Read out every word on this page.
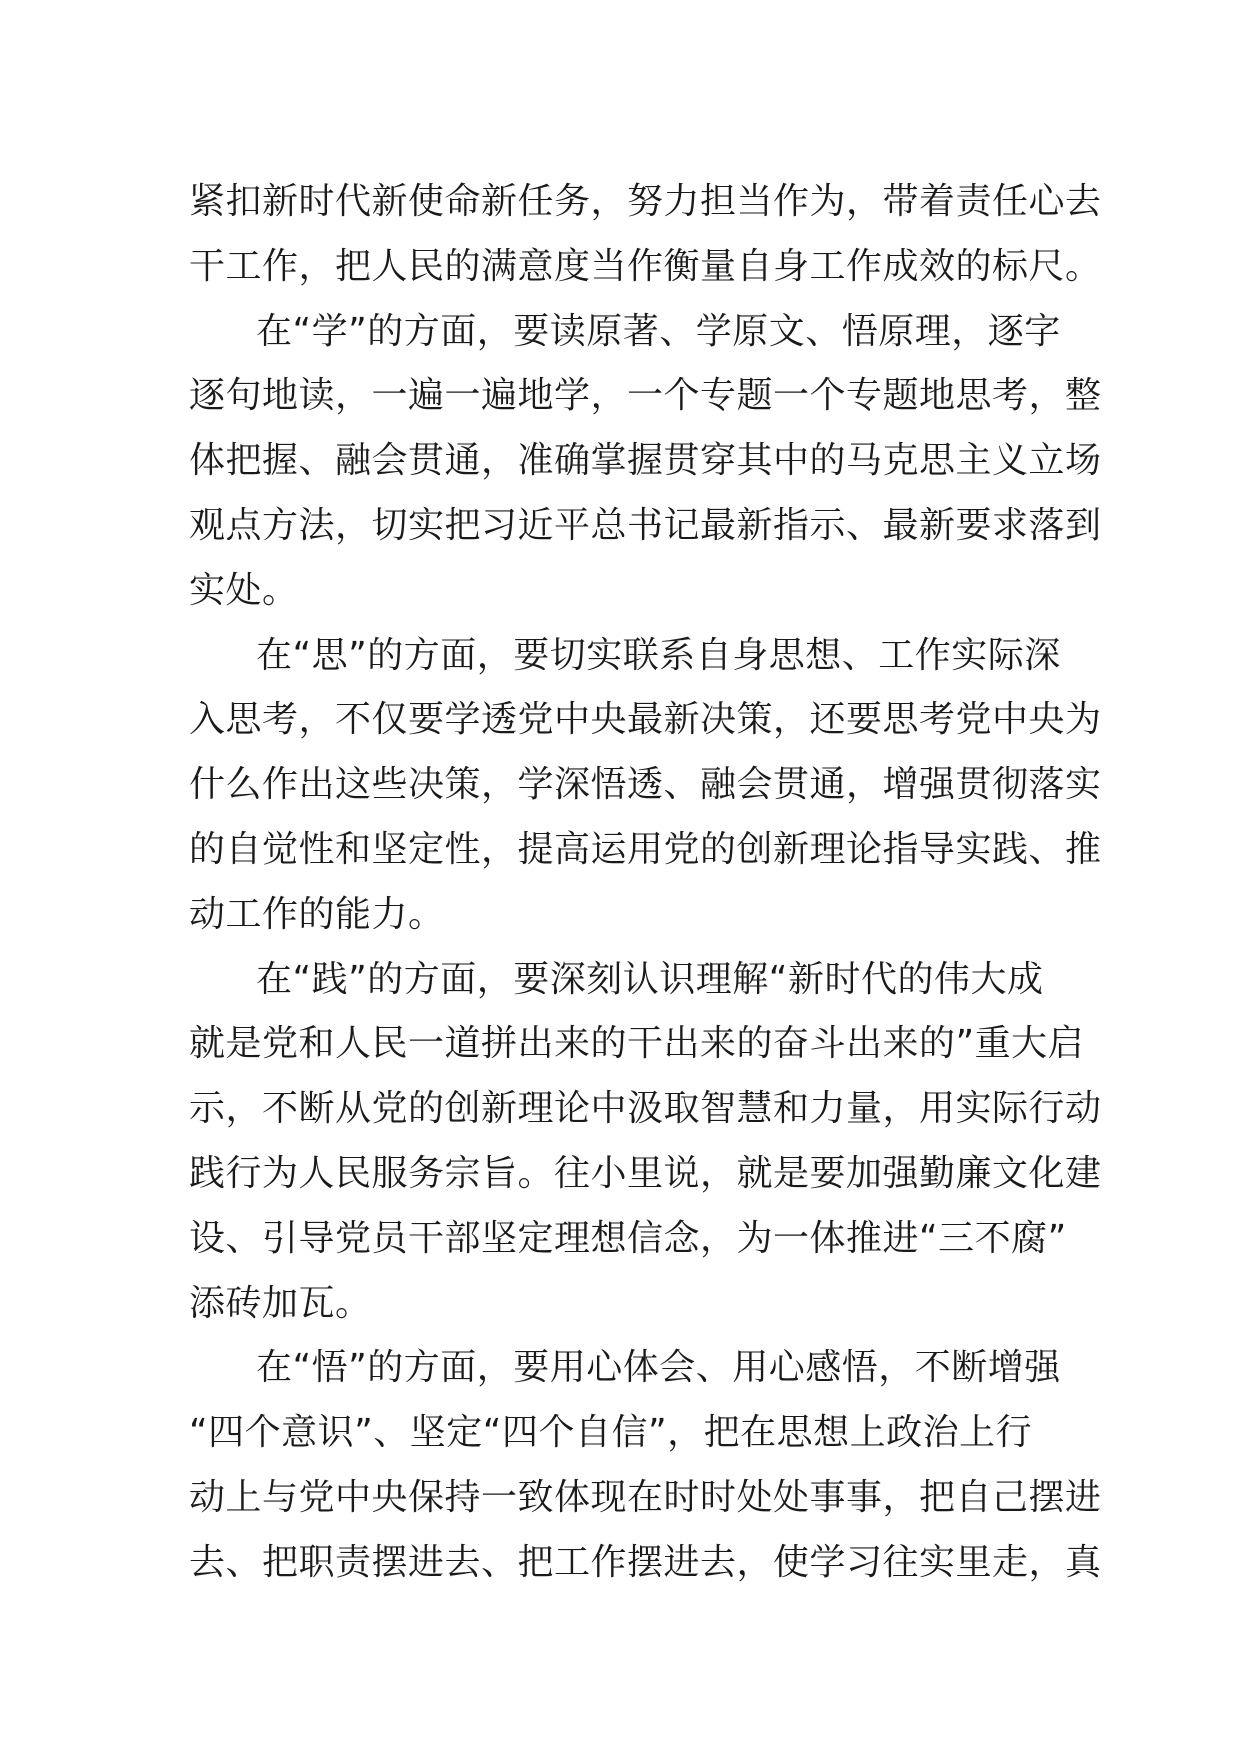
紧扣新时代新使命新任务，努力担当作为，带着责任心去
干工作，把人民的满意度当作衡量自身工作成效的标尺。
在“学”的方面，要读原著、学原文、悟原理，逐字
逐句地读，一遍一遍地学，一个专题一个专题地思考，整
体把握、融会贯通，准确掌握贯穿其中的马克思主义立场
观点方法，切实把习近平总书记最新指示、最新要求落到
实处。
在“思”的方面，要切实联系自身思想、工作实际深
入思考，不仅要学透党中央最新决策，还要思考党中央为
什么作出这些决策，学深悟透、融会贯通，增强贯彻落实
的自觉性和坚定性，提高运用党的创新理论指导实践、推
动工作的能力。
在“践”的方面，要深刻认识理解“新时代的伟大成
就是党和人民一道拼出来的干出来的奋斗出来的”重大启
示，不断从党的创新理论中汲取智慧和力量，用实际行动
践行为人民服务宗旨。往小里说，就是要加强勤廉文化建
设、引导党员干部坚定理想信念，为一体推进“三不腐”
添砖加瓦。
在“悟”的方面，要用心体会、用心感悟，不断增强
“四个意识”、坚定“四个自信”，把在思想上政治上行
动上与党中央保持一致体现在时时处处事事，把自己摆进
去、把职责摆进去、把工作摆进去，使学习往实里走，真
